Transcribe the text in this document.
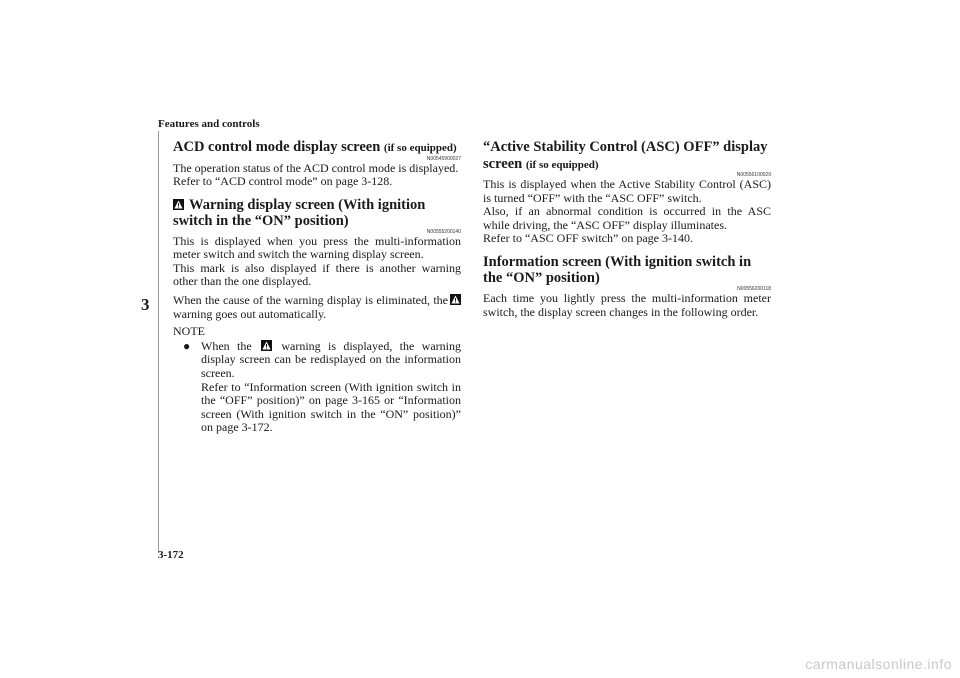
Features and controls
3
ACD control mode display screen (if so equipped)
N00545900027

The operation status of the ACD control mode is displayed.

Refer to “ACD control mode” on page 3-128.

Warning display screen (With ignition switch in the “ON” position)
N00555200140

This is displayed when you press the multi-information meter switch and switch the warning display screen.

This mark is also displayed if there is another warning other than the one displayed.

When the cause of the warning display is eliminated, the warning goes out automatically.

NOTE

● When the warning is displayed, the warning display screen can be redisplayed on the information screen.

Refer to “Information screen (With ignition switch in the “OFF” position)” on page 3-165 or “Information screen (With ignition switch in the “ON” position)” on page 3-172.

“Active Stability Control (ASC) OFF” display screen (if so equipped)
N00556100029

This is displayed when the Active Stability Control (ASC) is turned “OFF” with the “ASC OFF” switch.

Also, if an abnormal condition is occurred in the ASC while driving, the “ASC OFF” display illuminates.

Refer to “ASC OFF switch” on page 3-140.

Information screen (With ignition switch in the “ON” position)
N00556200118

Each time you lightly press the multi-information meter switch, the display screen changes in the following order.

3-172
carmanualsonline.info
